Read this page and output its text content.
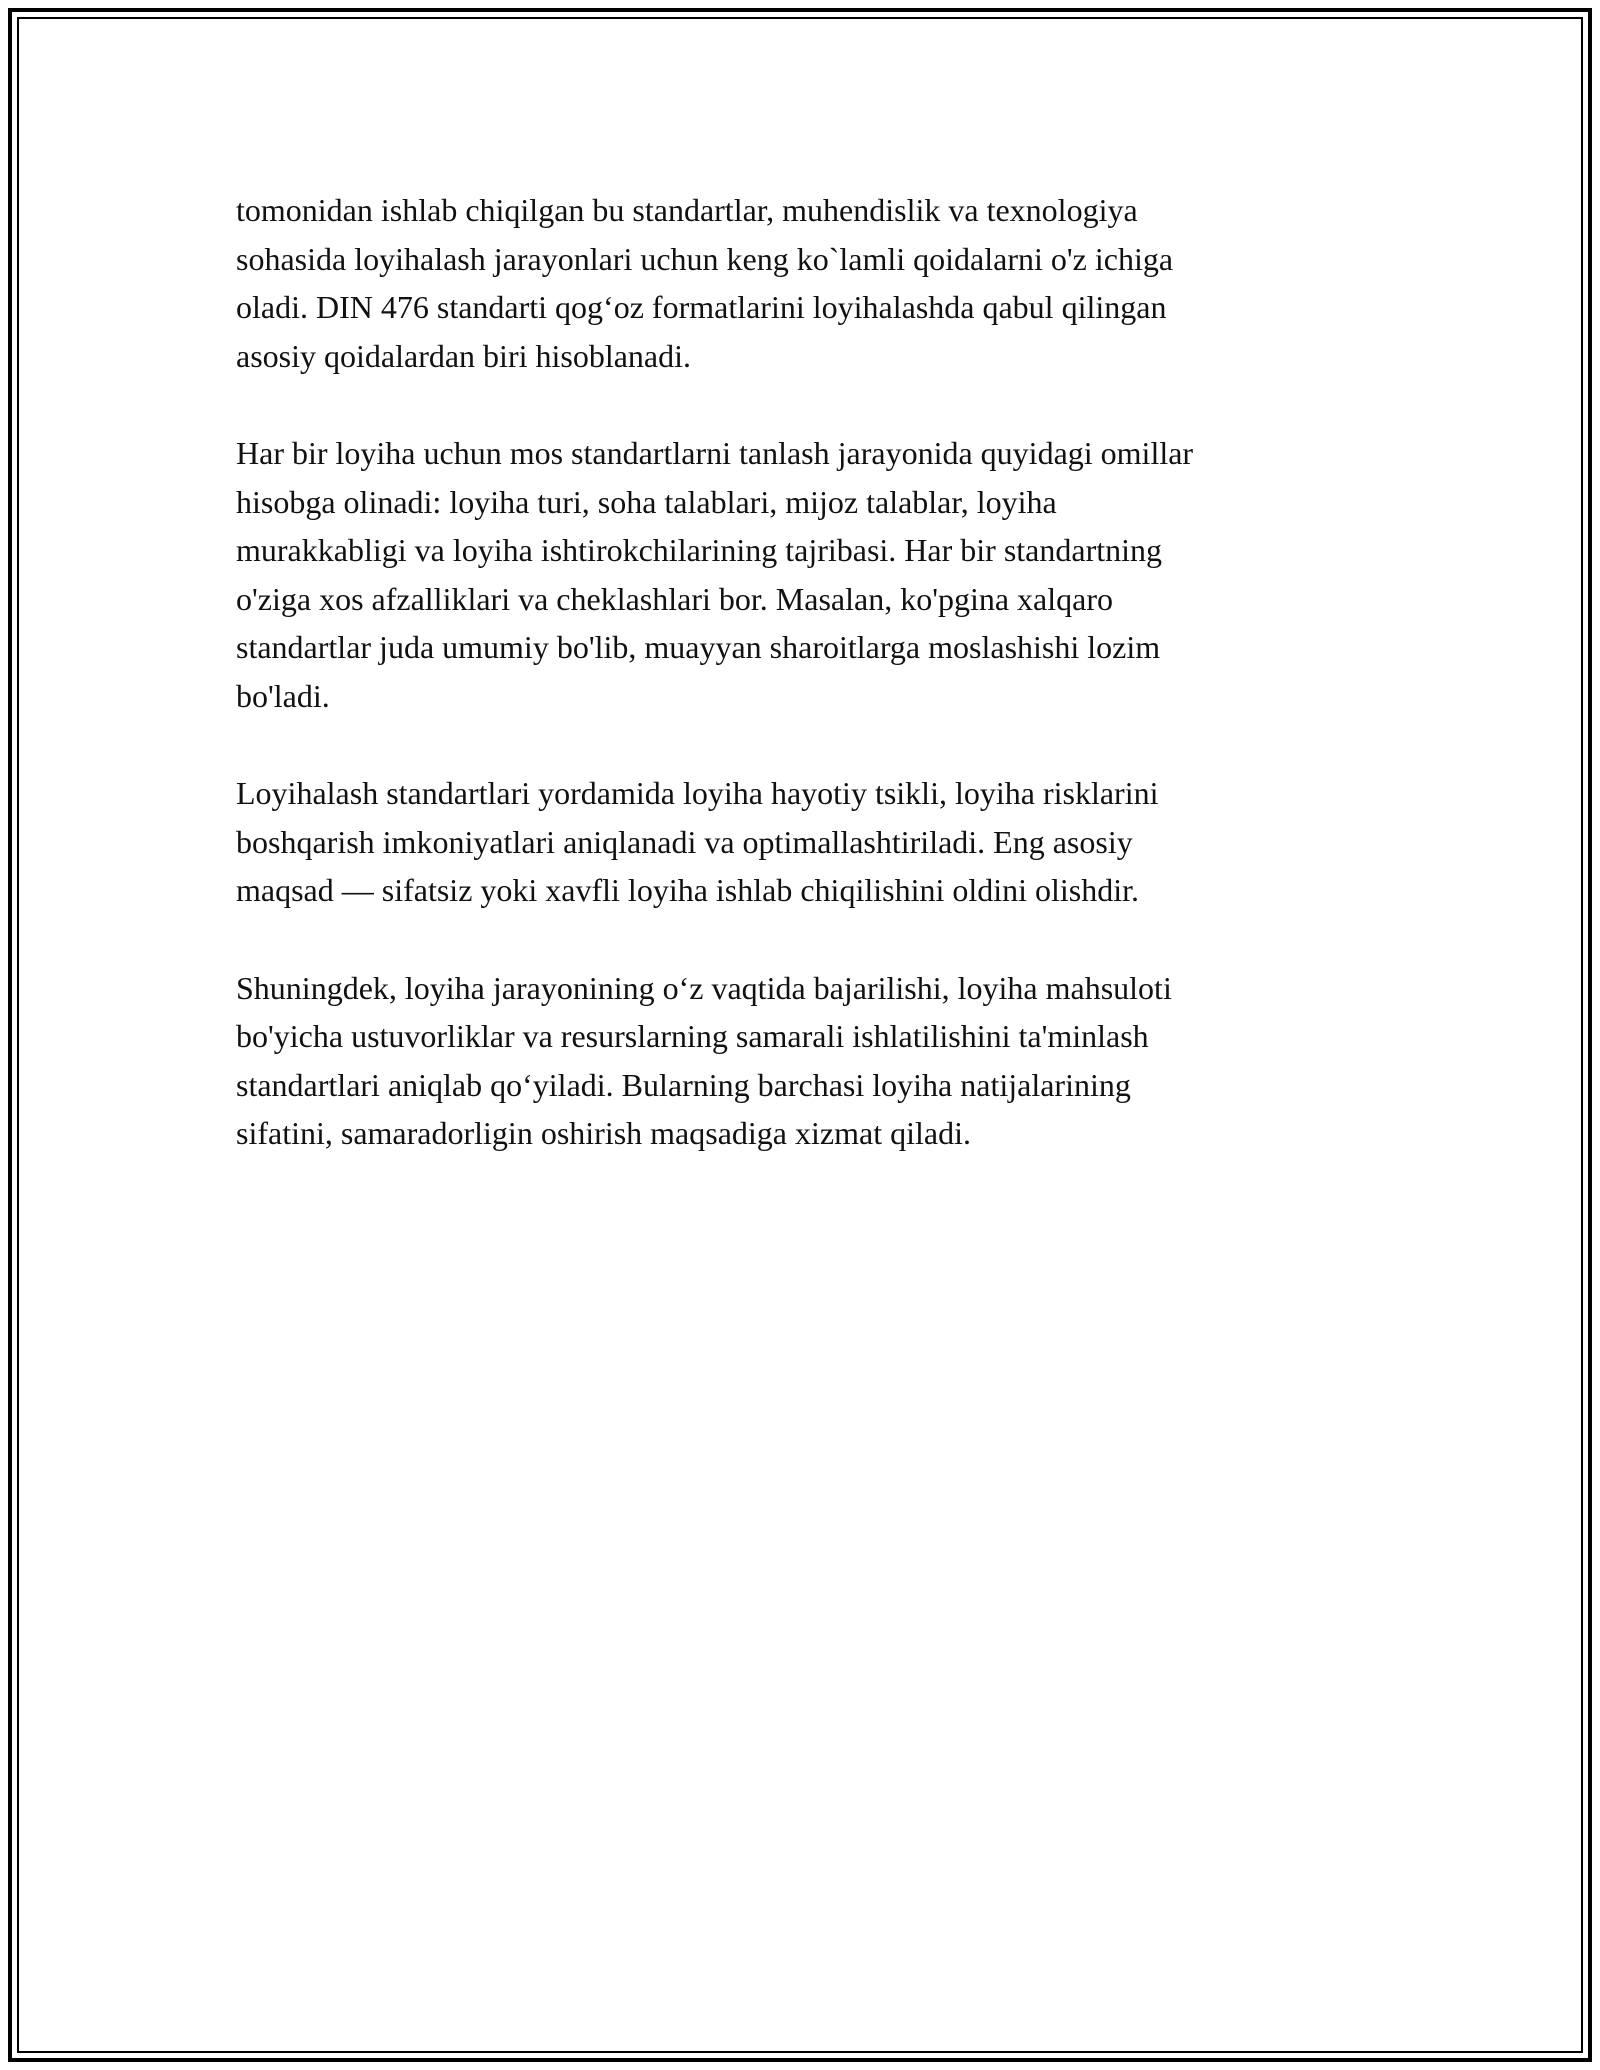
tomonidan ishlab chiqilgan bu standartlar, muhendislik va texnologiya
sohasida loyihalash jarayonlari uchun keng ko`lamli qoidalarni o'z ichiga
oladi. DIN 476 standarti qog‘oz formatlarini loyihalashda qabul qilingan
asosiy qoidalardan biri hisoblanadi.

Har bir loyiha uchun mos standartlarni tanlash jarayonida quyidagi omillar
hisobga olinadi: loyiha turi, soha talablari, mijoz talablar, loyiha
murakkabligi va loyiha ishtirokchilarining tajribasi. Har bir standartning
o'ziga xos afzalliklari va cheklashlari bor. Masalan, ko'pgina xalqaro
standartlar juda umumiy bo'lib, muayyan sharoitlarga moslashishi lozim
bo'ladi.

Loyihalash standartlari yordamida loyiha hayotiy tsikli, loyiha risklarini
boshqarish imkoniyatlari aniqlanadi va optimallashtiriladi. Eng asosiy
maqsad — sifatsiz yoki xavfli loyiha ishlab chiqilishini oldini olishdir.

Shuningdek, loyiha jarayonining o‘z vaqtida bajarilishi, loyiha mahsuloti
bo'yicha ustuvorliklar va resurslarning samarali ishlatilishini ta'minlash
standartlari aniqlab qo‘yiladi. Bularning barchasi loyiha natijalarining
sifatini, samaradorligin oshirish maqsadiga xizmat qiladi.
